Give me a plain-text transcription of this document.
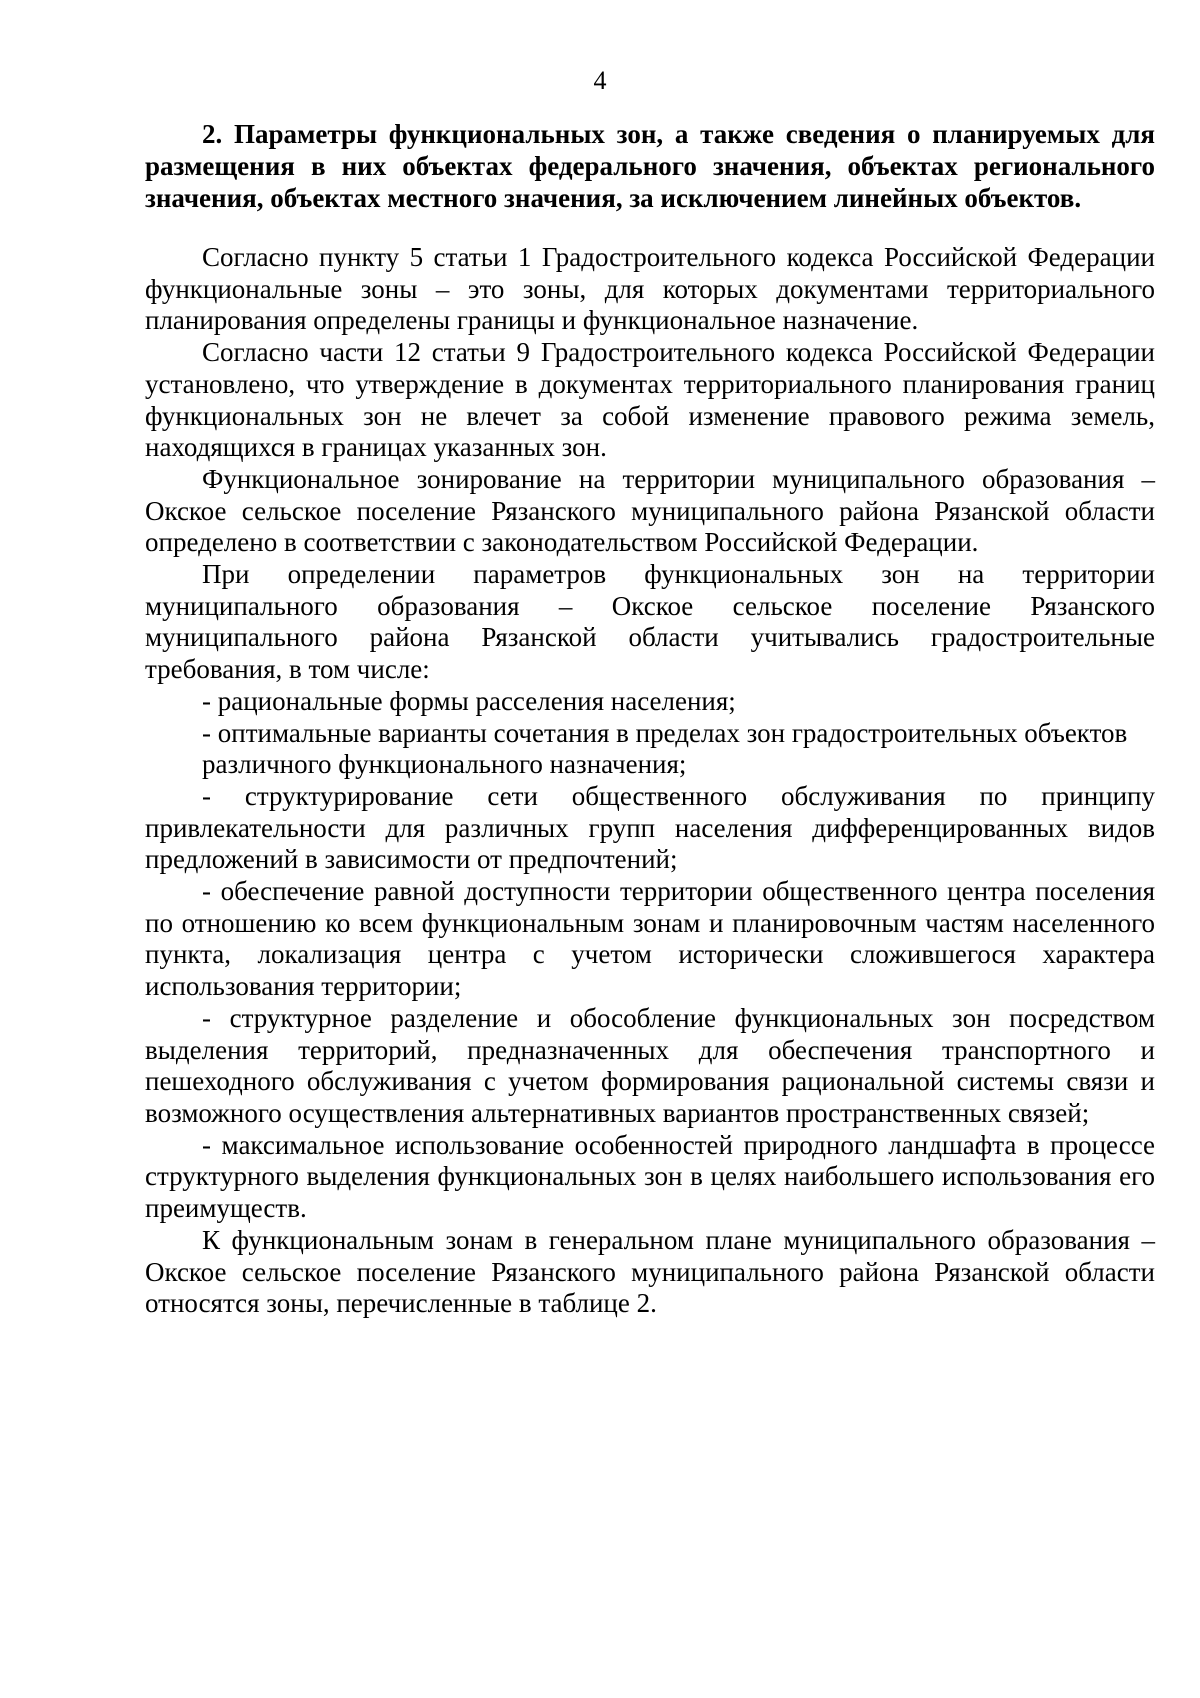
4

2. Параметры функциональных зон, а также сведения о планируемых для размещения в них объектах федерального значения, объектах регионального значения, объектах местного значения, за исключением линейных объектов.

Согласно пункту 5 статьи 1 Градостроительного кодекса Российской Федерации функциональные зоны – это зоны, для которых документами территориального планирования определены границы и функциональное назначение.

Согласно части 12 статьи 9 Градостроительного кодекса Российской Федерации установлено, что утверждение в документах территориального планирования границ функциональных зон не влечет за собой изменение правового режима земель, находящихся в границах указанных зон.

Функциональное зонирование на территории муниципального образования – Окское сельское поселение Рязанского муниципального района Рязанской области определено в соответствии с законодательством Российской Федерации.

При определении параметров функциональных зон на территории муниципального образования – Окское сельское поселение Рязанского муниципального района Рязанской области учитывались градостроительные требования, в том числе:

- рациональные формы расселения населения;

- оптимальные варианты сочетания в пределах зон градостроительных объектов различного функционального назначения;

- структурирование сети общественного обслуживания по принципу привлекательности для различных групп населения дифференцированных видов предложений в зависимости от предпочтений;

- обеспечение равной доступности территории общественного центра поселения по отношению ко всем функциональным зонам и планировочным частям населенного пункта, локализация центра с учетом исторически сложившегося характера использования территории;

- структурное разделение и обособление функциональных зон посредством выделения территорий, предназначенных для обеспечения транспортного и пешеходного обслуживания с учетом формирования рациональной системы связи и возможного осуществления альтернативных вариантов пространственных связей;

- максимальное использование особенностей природного ландшафта в процессе структурного выделения функциональных зон в целях наибольшего использования его преимуществ.

К функциональным зонам в генеральном плане муниципального образования – Окское сельское поселение Рязанского муниципального района Рязанской области относятся зоны, перечисленные в таблице 2.
